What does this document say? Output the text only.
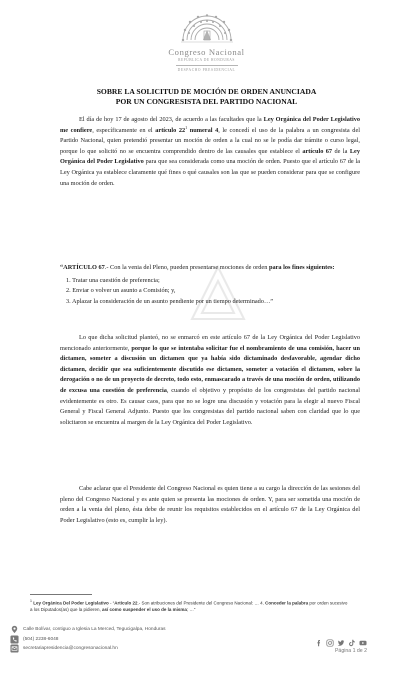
Congreso Nacional
REPÚBLICA DE HONDURAS
DESPACHO PRESIDENCIAL
SOBRE LA SOLICITUD DE MOCIÓN DE ORDEN ANUNCIADA
POR UN CONGRESISTA DEL PARTIDO NACIONAL

El día de hoy 17 de agosto del 2023, de acuerdo a las facultades que la Ley Orgánica del Poder Legislativo me confiere, específicamente en el artículo $22^1$ numeral 4, le concedí el uso de la palabra a un congresista del Partido Nacional, quien pretendió presentar un moción de orden a la cual no se le podía dar trámite o curso legal, porque lo que solicitó no se encuentra comprendido dentro de las causales que establece el artículo 67 de la Ley Orgánica del Poder Legislativo para que sea considerada como una moción de orden. Puesto que el artículo 67 de la Ley Orgánica ya establece claramente qué fines o qué causales son las que se pueden considerar para que se configure una moción de orden.

“ARTÍCULO 67.- Con la venia del Pleno, pueden presentarse mociones de orden para los fines siguientes:

1. Tratar una cuestión de preferencia;
2. Enviar o volver un asunto a Comisión; y,
3. Aplazar la consideración de un asunto pendiente por un tiempo determinado…”

Lo que dicha solicitud planteó, no se enmarcó en este artículo 67 de la Ley Orgánica del Poder Legislativo mencionado anteriormente, porque lo que se intentaba solicitar fue el nombramiento de una comisión, hacer un dictamen, someter a discusión un dictamen que ya había sido dictaminado desfavorable, agendar dicho dictamen, decidir que sea suficientemente discutido ese dictamen, someter a votación el dictamen, sobre la derogación o no de un proyecto de decreto, todo esto, enmascarado a través de una moción de orden, utilizando de excusa una cuestión de preferencia, cuando el objetivo y propósito de los congresistas del partido nacional evidentemente es otro. Es causar caos, para que no se logre una discusión y votación para la elegir al nuevo Fiscal General y Fiscal General Adjunto. Puesto que los congresistas del partido nacional saben con claridad que lo que solicitaron se encuentra al margen de la Ley Orgánica del Poder Legislativo.

Cabe aclarar que el Presidente del Congreso Nacional es quien tiene a su cargo la dirección de las sesiones del pleno del Congreso Nacional y es ante quien se presenta las mociones de orden. Y, para ser sometida una moción de orden a la venia del pleno, ésta debe de reunir los requisitos establecidos en el artículo 67 de la Ley Orgánica del Poder Legislativo (esto es, cumplir la ley).

$^1$ Ley Orgánica Del Poder Legislativo - “Artículo 22.- Son atribuciones del Presidente del Congreso Nacional: … 4. Conceder la palabra por orden sucesivo a los Diputados(as) que la pidieren, así como suspender el uso de la misma; …”
Calle Bolívar, contiguo a Iglesia La Merced, Tegucigalpa, Honduras
(504) 2238-6048
secretariapresidencia@congresonacional.hn	Página 1 de 2
